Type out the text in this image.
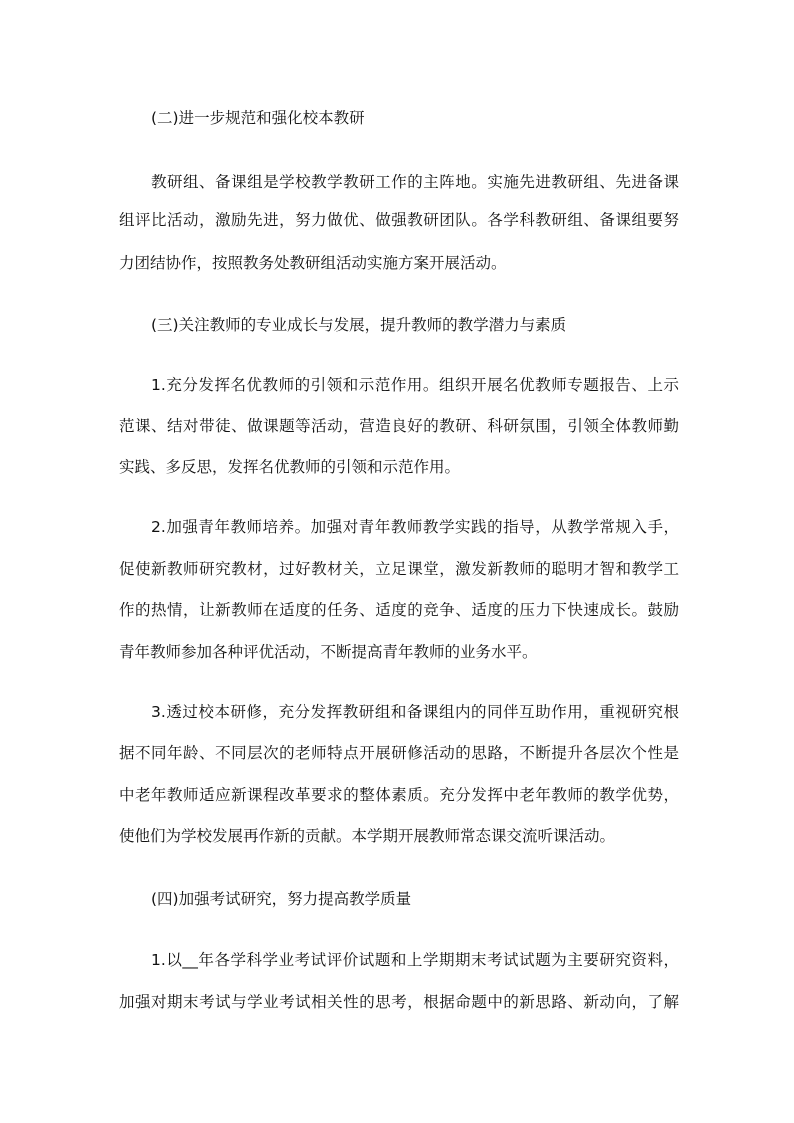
(二)进一步规范和强化校本教研
教研组、备课组是学校教学教研工作的主阵地。实施先进教研组、先进备课
组评比活动，激励先进，努力做优、做强教研团队。各学科教研组、备课组要努
力团结协作，按照教务处教研组活动实施方案开展活动。
(三)关注教师的专业成长与发展，提升教师的教学潜力与素质
1.充分发挥名优教师的引领和示范作用。组织开展名优教师专题报告、上示
范课、结对带徒、做课题等活动，营造良好的教研、科研氛围，引领全体教师勤
实践、多反思，发挥名优教师的引领和示范作用。
2.加强青年教师培养。加强对青年教师教学实践的指导，从教学常规入手，
促使新教师研究教材，过好教材关，立足课堂，激发新教师的聪明才智和教学工
作的热情，让新教师在适度的任务、适度的竞争、适度的压力下快速成长。鼓励
青年教师参加各种评优活动，不断提高青年教师的业务水平。
3.透过校本研修，充分发挥教研组和备课组内的同伴互助作用，重视研究根
据不同年龄、不同层次的老师特点开展研修活动的思路，不断提升各层次个性是
中老年教师适应新课程改革要求的整体素质。充分发挥中老年教师的教学优势，
使他们为学校发展再作新的贡献。本学期开展教师常态课交流听课活动。
(四)加强考试研究，努力提高教学质量
1.以__年各学科学业考试评价试题和上学期期末考试试题为主要研究资料，
加强对期末考试与学业考试相关性的思考，根据命题中的新思路、新动向，了解
